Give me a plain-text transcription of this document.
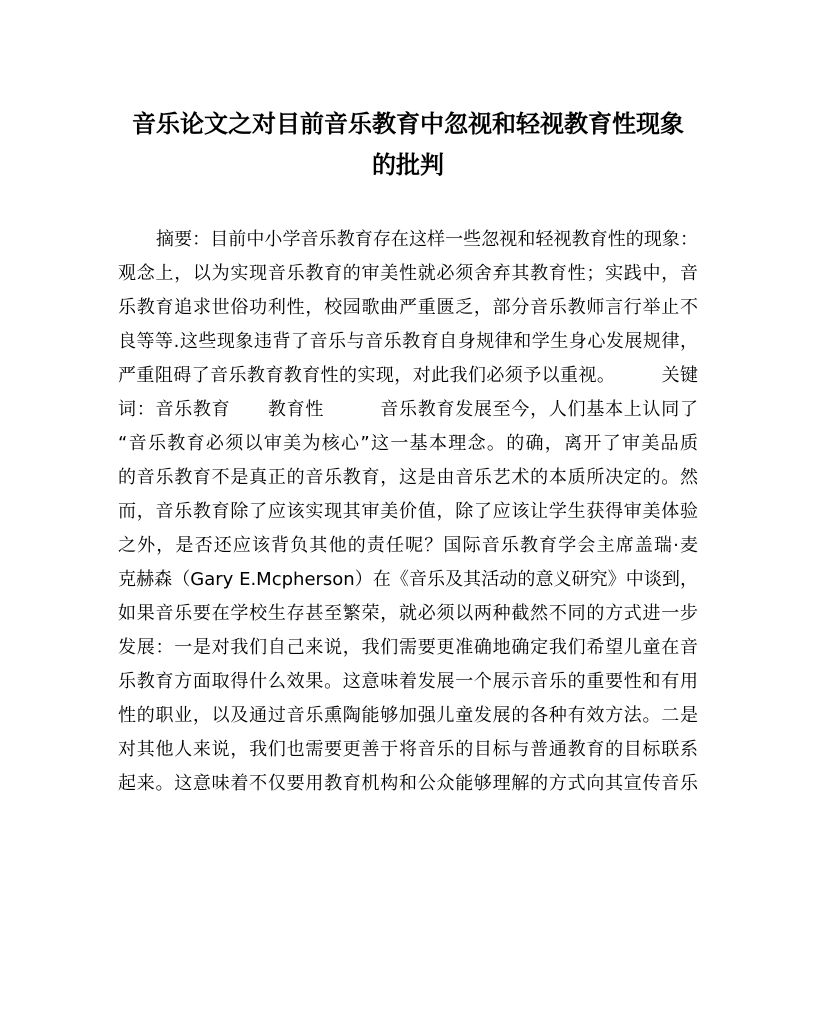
音乐论文之对目前音乐教育中忽视和轻视教育性现象
的批判
摘要：目前中小学音乐教育存在这样一些忽视和轻视教育性的现象：
观念上，以为实现音乐教育的审美性就必须舍弃其教育性；实践中，音
乐教育追求世俗功利性，校园歌曲严重匮乏，部分音乐教师言行举止不
良等等.这些现象违背了音乐与音乐教育自身规律和学生身心发展规律，
严重阻碍了音乐教育教育性的实现，对此我们必须予以重视。　　　关键
词：音乐教育　　教育性　　　音乐教育发展至今，人们基本上认同了
“音乐教育必须以审美为核心”这一基本理念。的确，离开了审美品质
的音乐教育不是真正的音乐教育，这是由音乐艺术的本质所决定的。然
而，音乐教育除了应该实现其审美价值，除了应该让学生获得审美体验
之外，是否还应该背负其他的责任呢？国际音乐教育学会主席盖瑞·麦
克赫森（Gary E.Mcpherson）在《音乐及其活动的意义研究》中谈到，
如果音乐要在学校生存甚至繁荣，就必须以两种截然不同的方式进一步
发展：一是对我们自己来说，我们需要更准确地确定我们希望儿童在音
乐教育方面取得什么效果。这意味着发展一个展示音乐的重要性和有用
性的职业，以及通过音乐熏陶能够加强儿童发展的各种有效方法。二是
对其他人来说，我们也需要更善于将音乐的目标与普通教育的目标联系
起来。这意味着不仅要用教育机构和公众能够理解的方式向其宣传音乐
